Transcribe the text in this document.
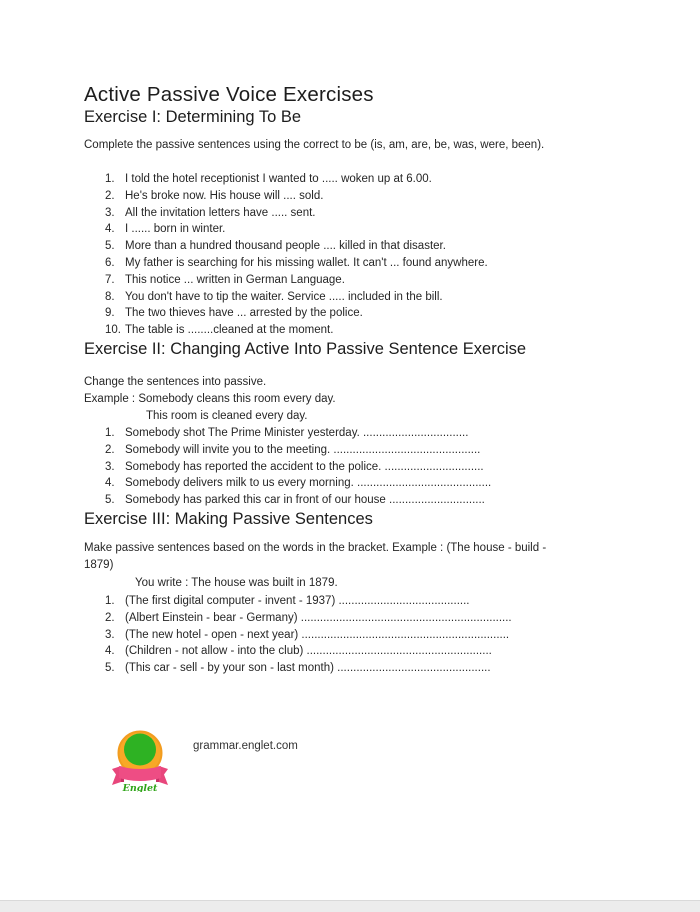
Active Passive Voice Exercises
Exercise I: Determining To Be

Complete the passive sentences using the correct to be (is, am, are, be, was, were, been).

1. I told the hotel receptionist I wanted to ..... woken up at 6.00.
2. He's broke now. His house will .... sold.
3. All the invitation letters have ..... sent.
4. I ...... born in winter.
5. More than a hundred thousand people .... killed in that disaster.
6. My father is searching for his missing wallet. It can't ... found anywhere.
7. This notice ... written in German Language.
8. You don't have to tip the waiter. Service ..... included in the bill.
9. The two thieves have ... arrested by the police.
10. The table is ........cleaned at the moment.
Exercise II: Changing Active Into Passive Sentence Exercise

Change the sentences into passive.

Example : Somebody cleans this room every day.

This room is cleaned every day.

1. Somebody shot The Prime Minister yesterday. .................................
2. Somebody will invite you to the meeting. ..............................................
3. Somebody has reported the accident to the police. ...............................
4. Somebody delivers milk to us every morning. ..........................................
5. Somebody has parked this car in front of our house ..............................
Exercise III: Making Passive Sentences

Make passive sentences based on the words in the bracket. Example : (The house - build -

1879)

You write : The house was built in 1879.

1. (The first digital computer - invent - 1937) .........................................
2. (Albert Einstein - bear - Germany) ..................................................................
3. (The new hotel - open - next year) .................................................................
4. (Children - not allow - into the club) ..........................................................
5. (This car - sell - by your son - last month) ................................................
Englet

grammar.englet.com
